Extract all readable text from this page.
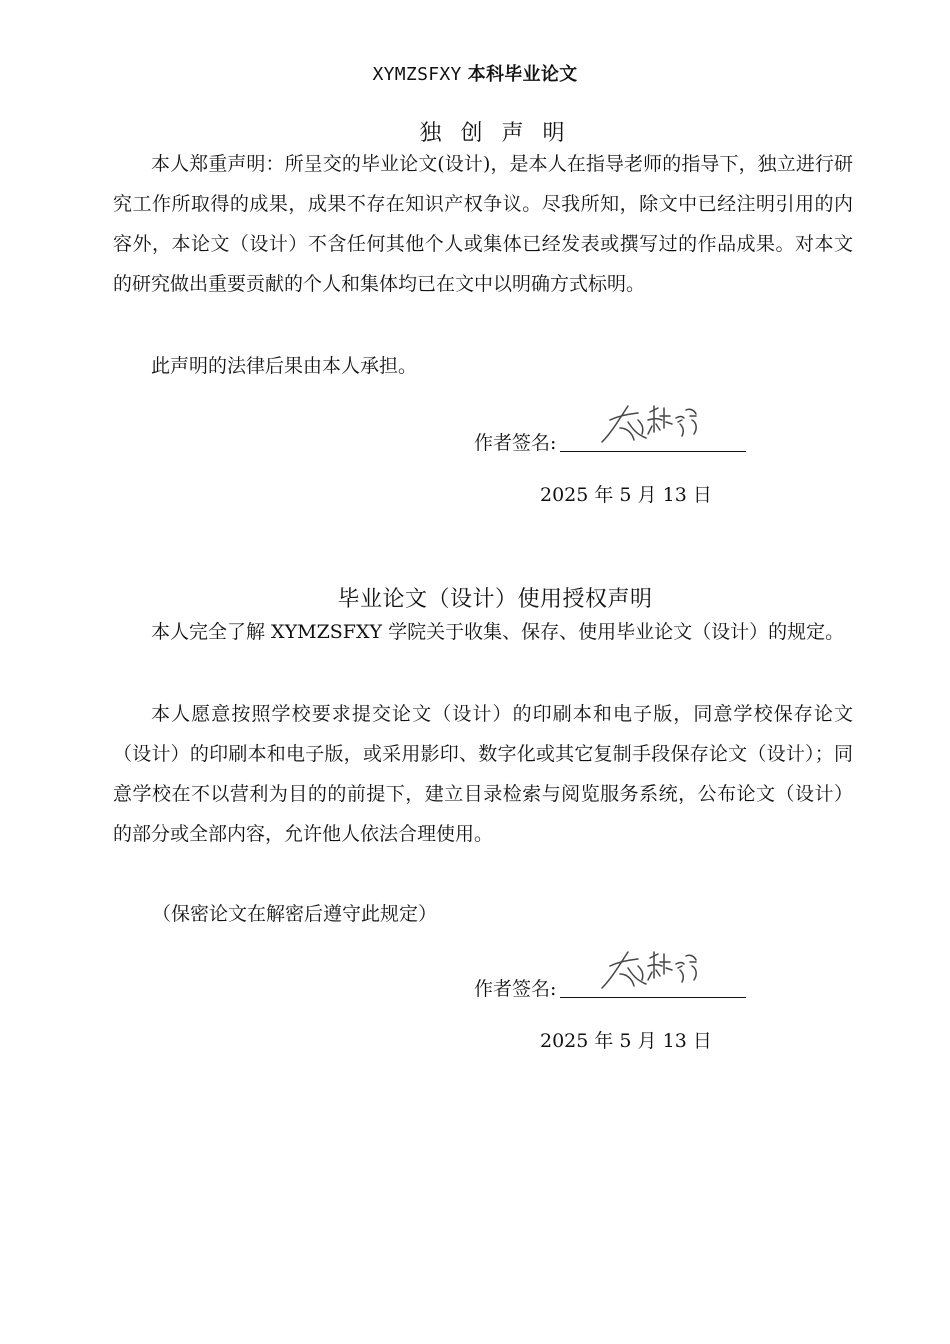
XYMZSFXY 本科毕业论文
独 创 声 明

本人郑重声明：所呈交的毕业论文(设计)，是本人在指导老师的指导下，独立进行研究工作所取得的成果，成果不存在知识产权争议。尽我所知，除文中已经注明引用的内容外，本论文（设计）不含任何其他个人或集体已经发表或撰写过的作品成果。对本文的研究做出重要贡献的个人和集体均已在文中以明确方式标明。

此声明的法律后果由本人承担。

作者签名:
2025 年 5 月 13 日
毕业论文（设计）使用授权声明

本人完全了解 XYMZSFXY 学院关于收集、保存、使用毕业论文（设计）的规定。

本人愿意按照学校要求提交论文（设计）的印刷本和电子版，同意学校保存论文（设计）的印刷本和电子版，或采用影印、数字化或其它复制手段保存论文（设计）；同意学校在不以营利为目的的前提下，建立目录检索与阅览服务系统，公布论文（设计）的部分或全部内容，允许他人依法合理使用。

（保密论文在解密后遵守此规定）

作者签名:
2025 年 5 月 13 日
